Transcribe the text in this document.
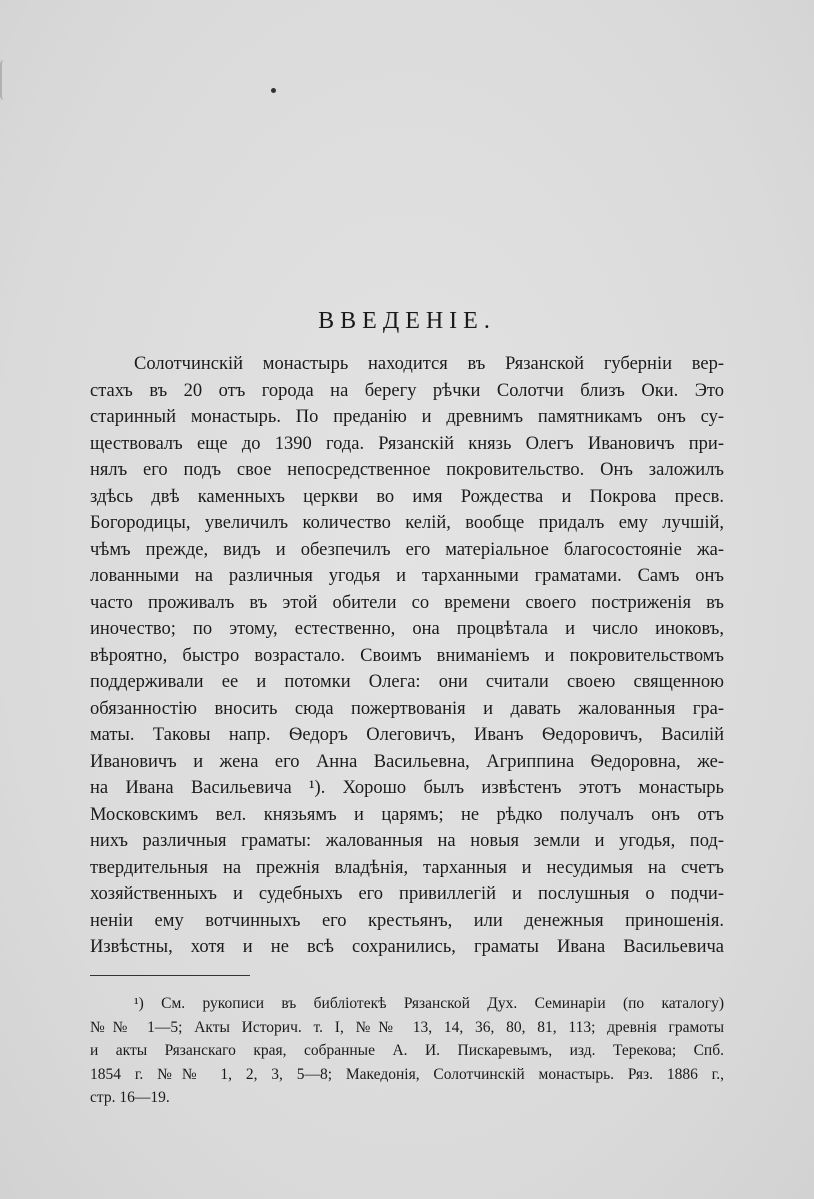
ВВЕДЕНІЕ.
Солотчинскій монастырь находится въ Рязанской губерніи вер-
стахъ въ 20 отъ города на берегу рѣчки Солотчи близъ Оки. Это
старинный монастырь. По преданію и древнимъ памятникамъ онъ су-
ществовалъ еще до 1390 года. Рязанскій князь Олегъ Ивановичъ при-
нялъ его подъ свое непосредственное покровительство. Онъ заложилъ
здѣсь двѣ каменныхъ церкви во имя Рождества и Покрова пресв.
Богородицы, увеличилъ количество келій, вообще придалъ ему лучшій,
чѣмъ прежде, видъ и обезпечилъ его матеріальное благосостояніе жа-
лованными на различныя угодья и тарханными граматами. Самъ онъ
часто проживалъ въ этой обители со времени своего постриженія въ
иночество; по этому, естественно, она процвѣтала и число иноковъ,
вѣроятно, быстро возрастало. Своимъ вниманіемъ и покровительствомъ
поддерживали ее и потомки Олега: они считали своею священною
обязанностію вносить сюда пожертвованія и давать жалованныя гра-
маты. Таковы напр. Ѳедоръ Олеговичъ, Иванъ Ѳедоровичъ, Василій
Ивановичъ и жена его Анна Васильевна, Агриппина Ѳедоровна, же-
на Ивана Васильевича ¹). Хорошо былъ извѣстенъ этотъ монастырь
Московскимъ вел. князьямъ и царямъ; не рѣдко получалъ онъ отъ
нихъ различныя граматы: жалованныя на новыя земли и угодья, под-
твердительныя на прежнія владѣнія, тарханныя и несудимыя на счетъ
хозяйственныхъ и судебныхъ его привиллегій и послушныя о подчи-
неніи ему вотчинныхъ его крестьянъ, или денежныя приношенія.
Извѣстны, хотя и не всѣ сохранились, граматы Ивана Васильевича
¹) См. рукописи въ библіотекѣ Рязанской Дух. Семинаріи (по каталогу)
№№ 1—5; Акты Историч. т. I, №№ 13, 14, 36, 80, 81, 113; древнія грамоты
и акты Рязанскаго края, собранные А. И. Пискаревымъ, изд. Терекова; Спб.
1854 г. №№ 1, 2, 3, 5—8; Македонія, Солотчинскій монастырь. Ряз. 1886 г.,
стр. 16—19.
